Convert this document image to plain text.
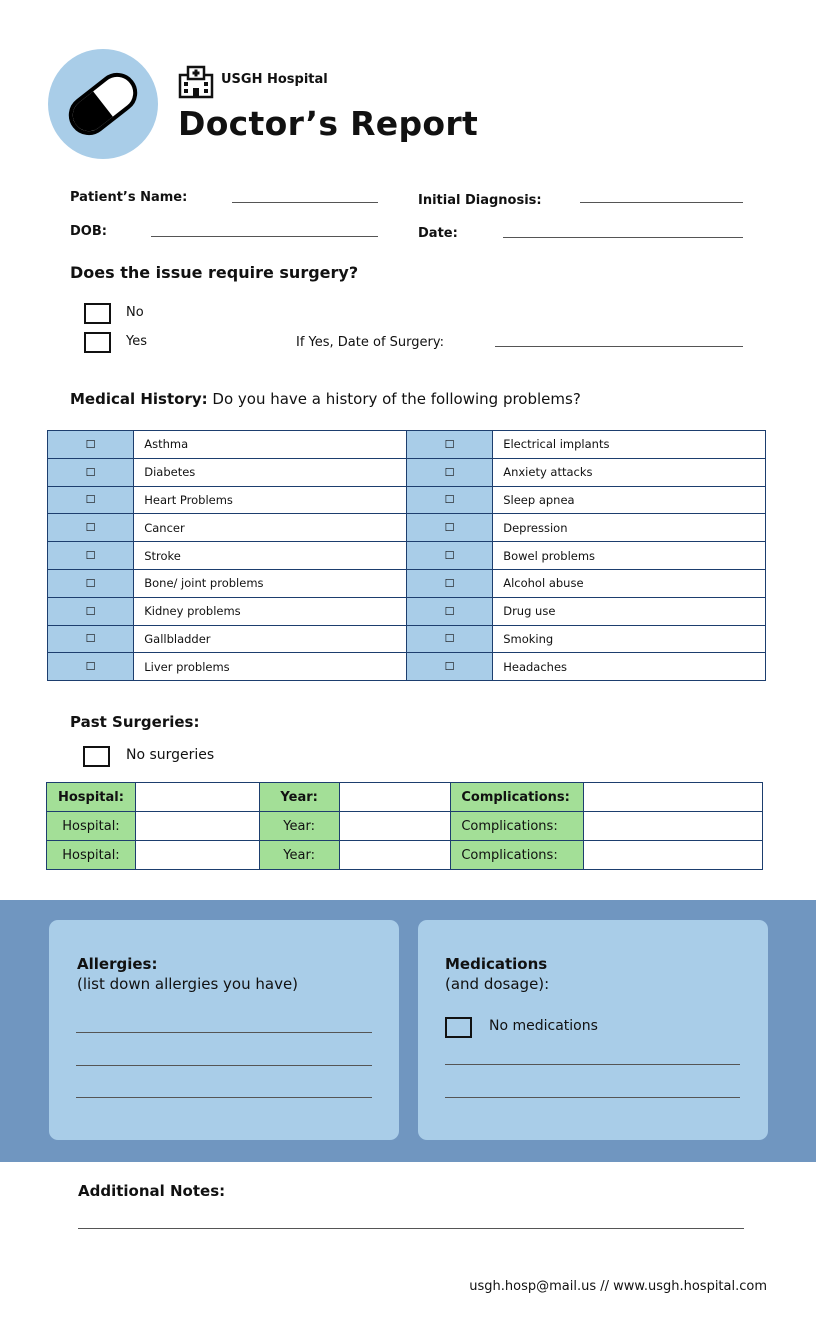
USGH Hospital
Doctor’s Report
Patient’s Name:	Initial Diagnosis:
DOB:	Date:
Does the issue require surgery?
No
Yes	If Yes, Date of Surgery:
Medical History: Do you have a history of the following problems?
☐	Asthma	☐	Electrical implants
☐	Diabetes	☐	Anxiety attacks
☐	Heart Problems	☐	Sleep apnea
☐	Cancer	☐	Depression
☐	Stroke	☐	Bowel problems
☐	Bone/ joint problems	☐	Alcohol abuse
☐	Kidney problems	☐	Drug use
☐	Gallbladder	☐	Smoking
☐	Liver problems	☐	Headaches
Past Surgeries:
No surgeries
Hospital:		Year:		Complications:	
Hospital:		Year:		Complications:	
Hospital:		Year:		Complications:	
Allergies:
(list down allergies you have)
Medications
(and dosage):
No medications
Additional Notes:
usgh.hosp@mail.us // www.usgh.hospital.com
